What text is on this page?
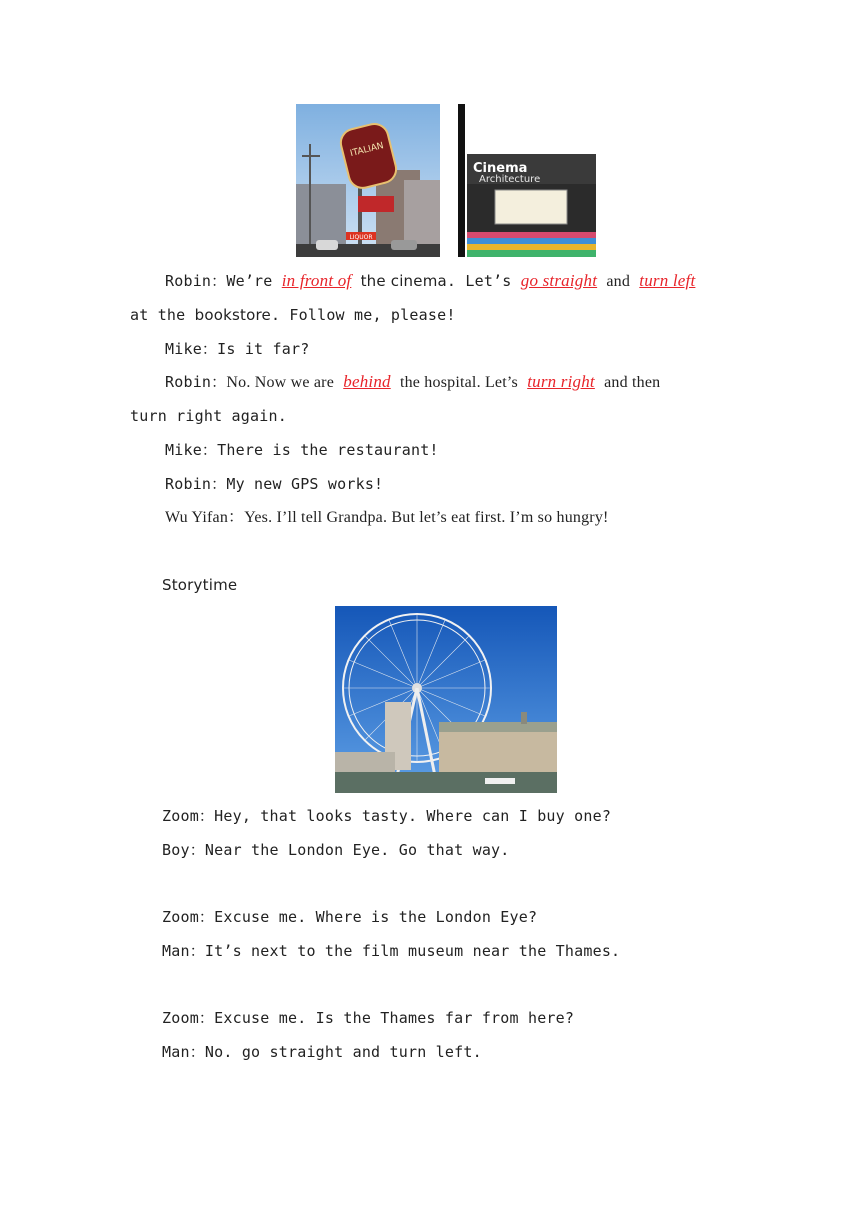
ITALIAN
LIQUOR
Cinema
Architecture
Robin：We’re in front of the cinema. Let’s go straight and turn left
at the bookstore. Follow me, please!
Mike：Is it far?
Robin：No. Now we are behind the hospital. Let’s turn right and then
turn right again.
Mike：There is the restaurant!
Robin：My new GPS works!
Wu Yifan：Yes. I’ll tell Grandpa. But let’s eat first. I’m so hungry!
Storytime
Zoom：Hey, that looks tasty. Where can I buy one?
Boy：Near the London Eye. Go that way.
Zoom：Excuse me. Where is the London Eye?
Man：It’s next to the film museum near the Thames.
Zoom：Excuse me. Is the Thames far from here?
Man：No. go straight and turn left.
